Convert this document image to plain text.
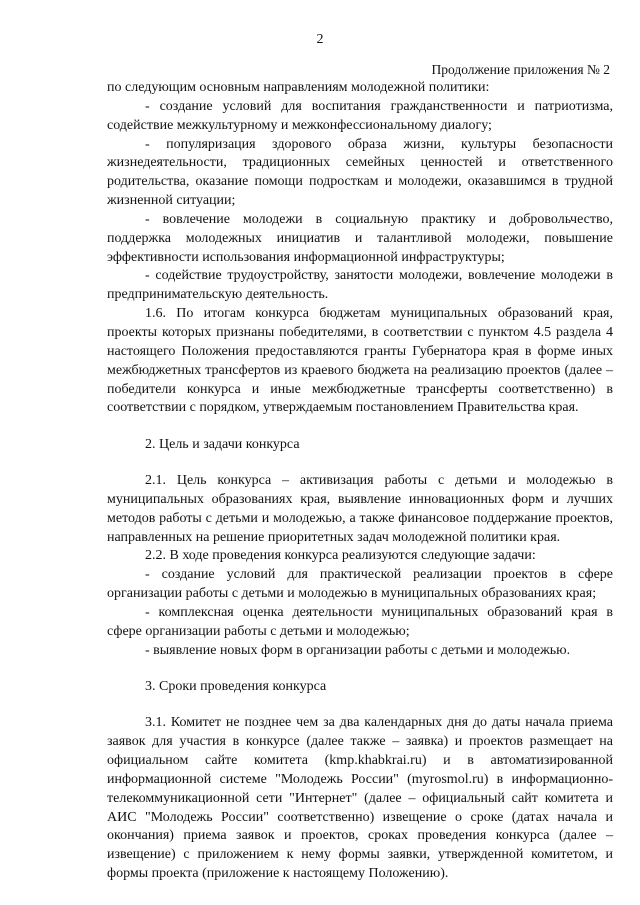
2

Продолжение приложения № 2

по следующим основным направлениям молодежной политики:

- создание условий для воспитания гражданственности и патриотизма, содействие межкультурному и межконфессиональному диалогу;

- популяризация здорового образа жизни, культуры безопасности жизнедеятельности, традиционных семейных ценностей и ответственного родительства, оказание помощи подросткам и молодежи, оказавшимся в трудной жизненной ситуации;

- вовлечение молодежи в социальную практику и добровольчество, поддержка молодежных инициатив и талантливой молодежи, повышение эффективности использования информационной инфраструктуры;

- содействие трудоустройству, занятости молодежи, вовлечение молодежи в предпринимательскую деятельность.

1.6. По итогам конкурса бюджетам муниципальных образований края, проекты которых признаны победителями, в соответствии с пунктом 4.5 раздела 4 настоящего Положения предоставляются гранты Губернатора края в форме иных межбюджетных трансфертов из краевого бюджета на реализацию проектов (далее – победители конкурса и иные межбюджетные трансферты соответственно) в соответствии с порядком, утверждаемым постановлением Правительства края.

2. Цель и задачи конкурса

2.1. Цель конкурса – активизация работы с детьми и молодежью в муниципальных образованиях края, выявление инновационных форм и лучших методов работы с детьми и молодежью, а также финансовое поддержание проектов, направленных на решение приоритетных задач молодежной политики края.

2.2. В ходе проведения конкурса реализуются следующие задачи:

- создание условий для практической реализации проектов в сфере организации работы с детьми и молодежью в муниципальных образованиях края;

- комплексная оценка деятельности муниципальных образований края в сфере организации работы с детьми и молодежью;

- выявление новых форм в организации работы с детьми и молодежью.

3. Сроки проведения конкурса

3.1. Комитет не позднее чем за два календарных дня до даты начала приема заявок для участия в конкурсе (далее также – заявка) и проектов размещает на официальном сайте комитета (kmp.khabkrai.ru) и в автоматизированной информационной системе "Молодежь России" (myrosmol.ru) в информационно-телекоммуникационной сети "Интернет" (далее – официальный сайт комитета и АИС "Молодежь России" соответственно) извещение о сроке (датах начала и окончания) приема заявок и проектов, сроках проведения конкурса (далее – извещение) с приложением к нему формы заявки, утвержденной комитетом, и формы проекта (приложение к настоящему Положению).
